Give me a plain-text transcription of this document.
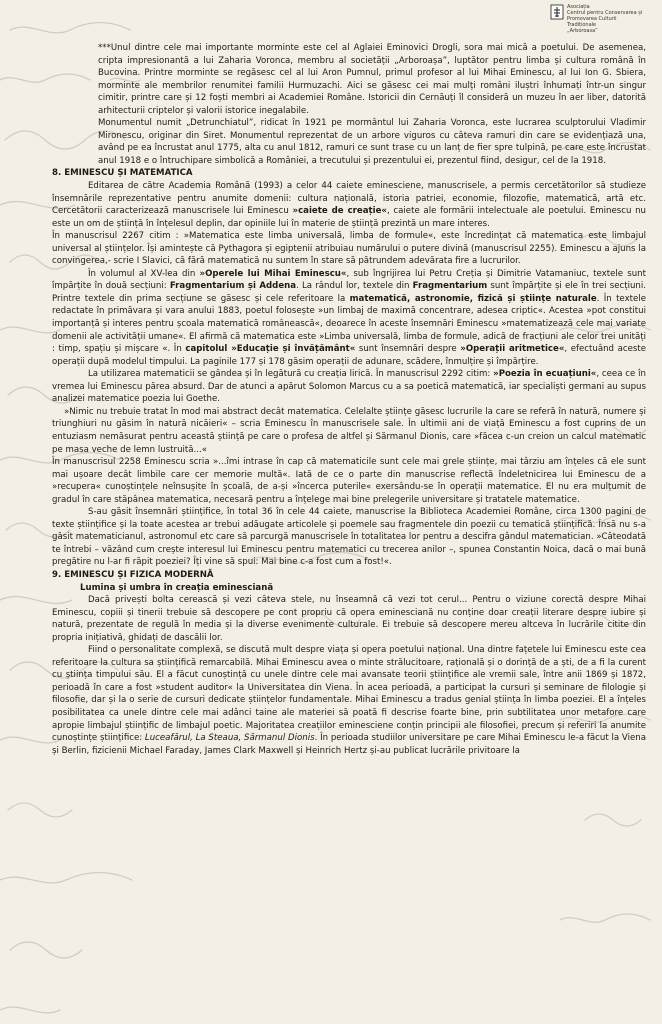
Asociația
Centrul pentru Conservarea și
Promovarea Culturii
Tradiționale
„Arboroasa”

***Unul dintre cele mai importante morminte este cel al Aglaiei Eminovici Drogli, sora mai mică a poetului. De asemenea, cripta impresionantă a lui Zaharia Voronca, membru al societății „Arboroașa”, luptător pentru limba și cultura română în Bucovina. Printre morminte se regăsesc cel al lui Aron Pumnul, primul profesor al lui Mihai Eminescu, al lui Ion G. Sbiera, morminte ale membrilor renumitei familii Hurmuzachi. Aici se găsesc cei mai mulți români iluștri înhumați într-un singur cimitir, printre care și 12 foști membri ai Academiei Române. Istoricii din Cernăuți îl consideră un muzeu în aer liber, datorită arhitecturii criptelor și valorii istorice inegalabile.

Monumentul numit „Detrunchiatul”, ridicat în 1921 pe mormântul lui Zaharia Voronca, este lucrarea sculptorului Vladimir Mironescu, originar din Siret. Monumentul reprezentat de un arbore viguros cu câteva ramuri din care se evidențiază una, având pe ea încrustat anul 1775, alta cu anul 1812, ramuri ce sunt trase cu un lanț de fier spre tulpină, pe care este încrustat anul 1918 e o întruchipare simbolică a României, a trecutului și prezentului ei, prezentul fiind, desigur, cel de la 1918.

8. EMINESCU ȘI MATEMATICA

Editarea de către Academia Română (1993) a celor 44 caiete eminesciene, manuscrisele, a permis cercetătorilor să studieze însemnările reprezentative pentru anumite domenii: cultura națională, istoria patriei, economie, filozofie, matematică, artă etc. Cercetătorii caracterizează manuscrisele lui Eminescu »caiete de creație«, caiete ale formării intelectuale ale poetului. Eminescu nu este un om de știință în înțelesul deplin, dar opiniile lui în materie de știință prezintă un mare interes.

În manuscrisul 2267 citim : »Matematica este limba universală, limba de formule«, este încredințat că matematica este limbajul universal al științelor. Își amintește că Pythagora și egiptenii atribuiau numărului o putere divină (manuscrisul 2255). Eminescu a ajuns la convingerea,- scrie I Slavici, că fără matematică nu suntem în stare să pătrundem adevărata fire a lucrurilor.

În volumul al XV-lea din »Operele lui Mihai Eminescu«, sub îngrijirea lui Petru Creția și Dimitrie Vatamaniuc, textele sunt împărțite în două secțiuni: Fragmentarium și Addena. La rândul lor, textele din Fragmentarium sunt împărțite și ele în trei secțiuni. Printre textele din prima secțiune se găsesc și cele referitoare la matematică, astronomie, fizică și științe naturale. În textele redactate în primăvara și vara anului 1883, poetul folosește »un limbaj de maximă concentrare, adesea criptic«. Acestea »pot constitui importanță și interes pentru școala matematică românească«, deoarece în aceste însemnări Eminescu »matematizează cele mai variate domenii ale activității umane«. El afirmă că matematica este »Limba universală, limba de formule, adică de fracțiuni ale celor trei unități : timp, spațiu și mișcare «. În capitolul »Educație și învățământ« sunt însemnări despre »Operații aritmetice«, efectuând aceste operații după modelul timpului. La paginile 177 și 178 găsim operații de adunare, scădere, înmulțire și împărțire.

La utilizarea matematicii se gândea și în legătură cu creația lirică. În manuscrisul 2292 citim: »Poezia în ecuațiuni«, ceea ce în vremea lui Eminescu părea absurd. Dar de atunci a apărut Solomon Marcus cu a sa poetică matematică, iar specialiști germani au supus analizei matematice poezia lui Goethe.

»Nimic nu trebuie tratat în mod mai abstract decât matematica. Celelalte științe găsesc lucrurile la care se referă în natură, numere și triunghiuri nu găsim în natură nicăieri« – scria Eminescu în manuscrisele sale. În ultimii ani de viață Eminescu a fost cuprins de un entuziasm nemăsurat pentru această știință pe care o profesa de altfel și Sărmanul Dionis, care »făcea c-un creion un calcul matematic pe masa veche de lemn lustruită...«

În manuscrisul 2258 Eminescu scria »...îmi intrase în cap că matematicile sunt cele mai grele științe, mai târziu am înțeles că ele sunt mai ușoare decât limbile care cer memorie multă«. Iată de ce o parte din manuscrise reflectă îndeletnicirea lui Eminescu de a »recupera« cunoștințele neînsușite în școală, de a-și »încerca puterile« exersându-se în operații matematice. El nu era mulțumit de gradul în care stăpânea matematica, necesară pentru a înțelege mai bine prelegerile universitare și tratatele matematice.

S-au găsit însemnări științifice, în total 36 în cele 44 caiete, manuscrise la Biblioteca Academiei Române, circa 1300 pagini de texte științifice și la toate acestea ar trebui adăugate articolele și poemele sau fragmentele din poezii cu tematică științifică. Însă nu s-a găsit matematicianul, astronomul etc care să parcurgă manuscrisele în totalitatea lor pentru a descifra gândul matematician. »Câteodată te întrebi – văzând cum crește interesul lui Eminescu pentru matematici cu trecerea anilor –, spunea Constantin Noica, dacă o mai bună pregătire nu l-ar fi răpit poeziei? Îți vine să spui: Mai bine c-a fost cum a fost!«.

9. EMINESCU ȘI FIZICA MODERNĂ

Lumina și umbra în creația eminesciană

Dacă privești bolta cerească și vezi câteva stele, nu înseamnă că vezi tot cerul... Pentru o viziune corectă despre Mihai Eminescu, copiii și tinerii trebuie să descopere pe cont propriu că opera eminesciană nu conține doar creații literare despre iubire și natură, prezentate de regulă în media și la diverse evenimente culturale. Ei trebuie să descopere mereu altceva în lucrările citite din propria inițiativă, ghidați de dascălii lor.

Fiind o personalitate complexă, se discută mult despre viața și opera poetului național. Una dintre fațetele lui Eminescu este cea referitoare la cultura sa științifică remarcabilă. Mihai Eminescu avea o minte strălucitoare, rațională și o dorință de a ști, de a fi la curent cu știința timpului său. El a făcut cunoștință cu unele dintre cele mai avansate teorii științifice ale vremii sale, între anii 1869 și 1872, perioadă în care a fost »student auditor« la Universitatea din Viena. În acea perioadă, a participat la cursuri și seminare de filologie și filosofie, dar și la o serie de cursuri dedicate științelor fundamentale. Mihai Eminescu a tradus genial știința în limba poeziei. El a înțeles posibilitatea ca unele dintre cele mai adânci taine ale materiei să poată fi descrise foarte bine, prin subtilitatea unor metafore care apropie limbajul științific de limbajul poetic. Majoritatea creațiilor eminesciene conțin principii ale filosofiei, precum și referiri la anumite cunoștințe științifice: Luceafărul, La Steaua, Sărmanul Dionis. În perioada studiilor universitare pe care Mihai Eminescu le-a făcut la Viena și Berlin, fizicienii Michael Faraday, James Clark Maxwell și Heinrich Hertz și-au publicat lucrările privitoare la
